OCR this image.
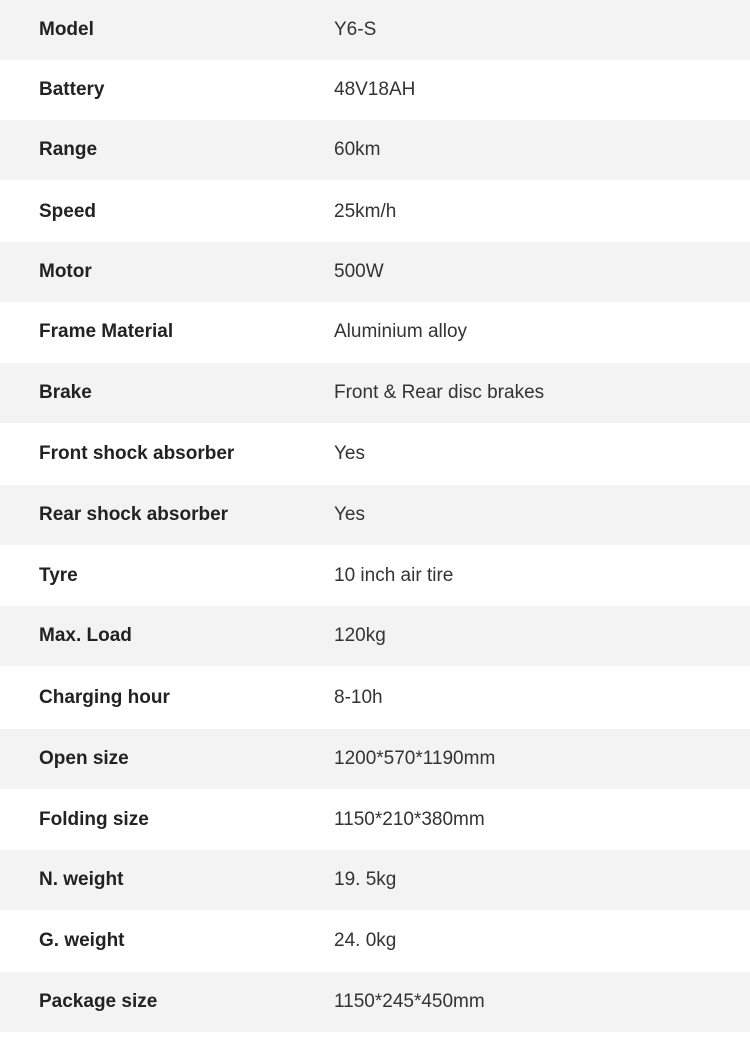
Model	Y6-S
Battery	48V18AH
Range	60km
Speed	25km/h
Motor	500W
Frame Material	Aluminium alloy
Brake	Front & Rear disc brakes
Front shock absorber	Yes
Rear shock absorber	Yes
Tyre	10 inch air tire
Max. Load	120kg
Charging hour	8-10h
Open size	1200*570*1190mm
Folding size	1150*210*380mm
N. weight	19. 5kg
G. weight	24. 0kg
Package size	1150*245*450mm
